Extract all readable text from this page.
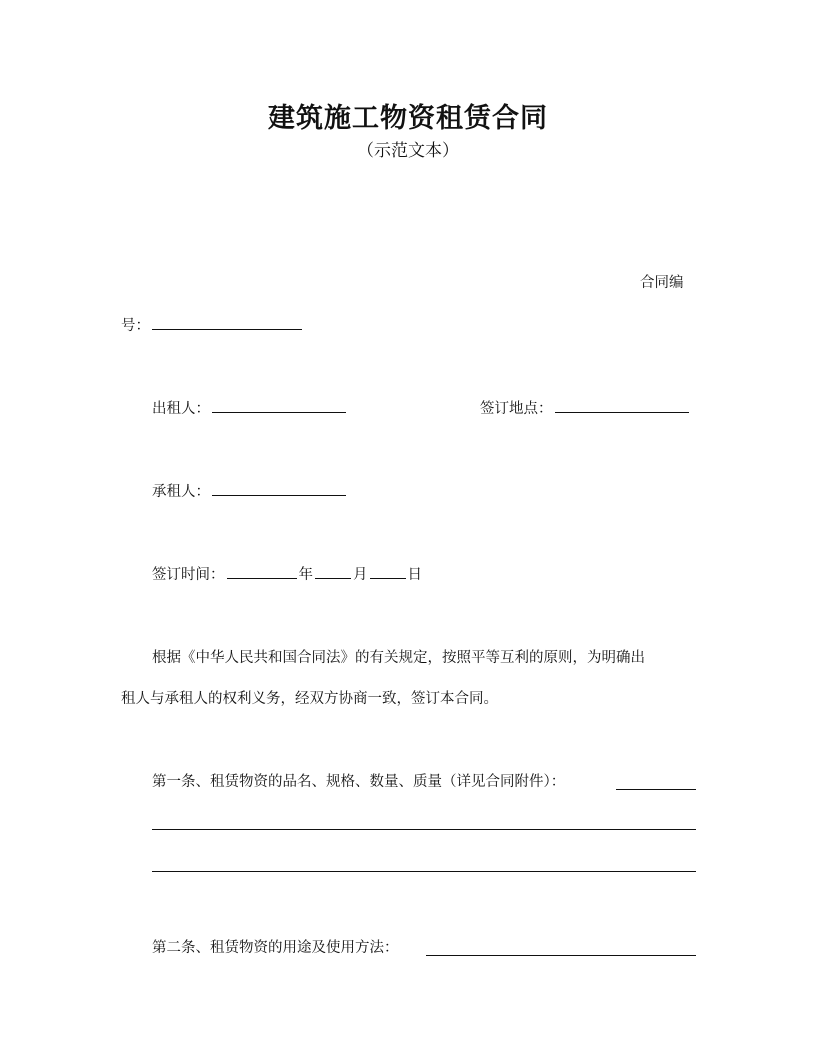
建筑施工物资租赁合同
（示范文本）
合同编
号：
出租人：	签订地点：
承租人：
签订时间：	年	月	日
根据《中华人民共和国合同法》的有关规定，按照平等互利的原则，为明确出
租人与承租人的权利义务，经双方协商一致，签订本合同。
第一条、租赁物资的品名、规格、数量、质量（详见合同附件）：
第二条、租赁物资的用途及使用方法：
